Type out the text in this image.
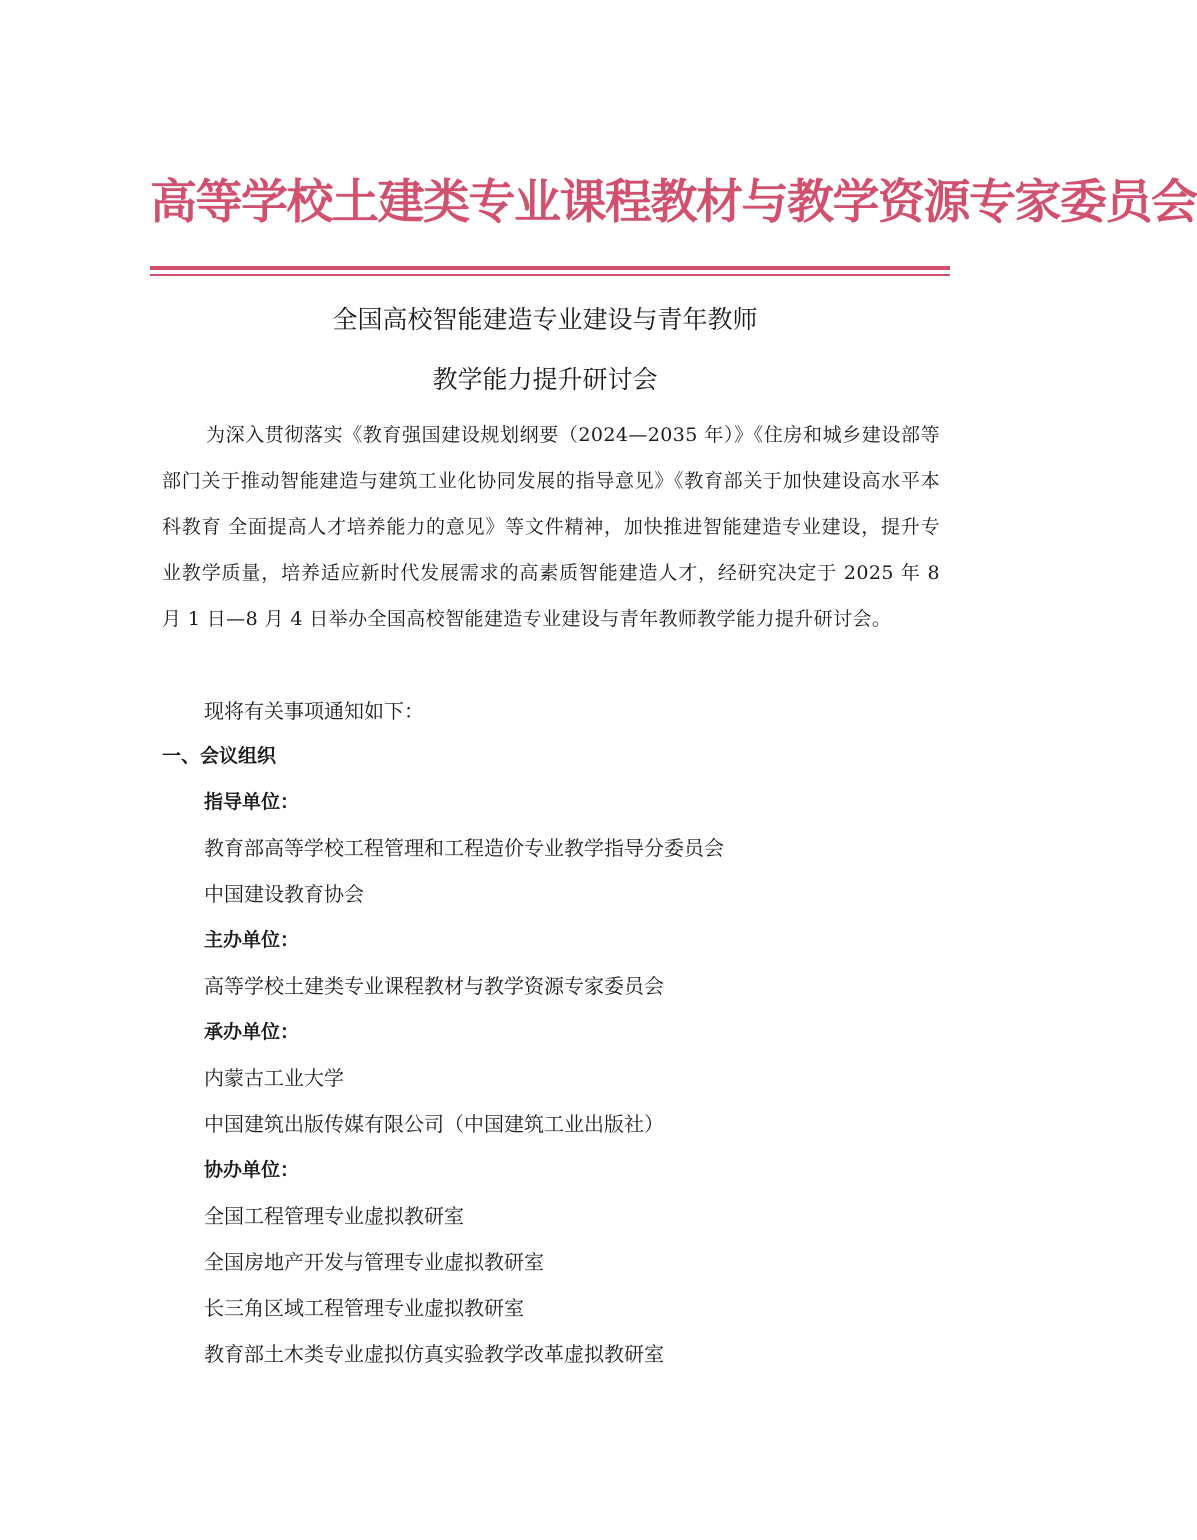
高等学校土建类专业课程教材与教学资源专家委员会
全国高校智能建造专业建设与青年教师
教学能力提升研讨会
为深入贯彻落实《教育强国建设规划纲要（2024—2035 年）》《住房和城乡建设部等部门关于推动智能建造与建筑工业化协同发展的指导意见》《教育部关于加快建设高水平本科教育 全面提高人才培养能力的意见》等文件精神，加快推进智能建造专业建设，提升专业教学质量，培养适应新时代发展需求的高素质智能建造人才，经研究决定于 2025 年 8 月 1 日—8 月 4 日举办全国高校智能建造专业建设与青年教师教学能力提升研讨会。
现将有关事项通知如下：
一、会议组织
指导单位：
教育部高等学校工程管理和工程造价专业教学指导分委员会
中国建设教育协会
主办单位：
高等学校土建类专业课程教材与教学资源专家委员会
承办单位：
内蒙古工业大学
中国建筑出版传媒有限公司（中国建筑工业出版社）
协办单位：
全国工程管理专业虚拟教研室
全国房地产开发与管理专业虚拟教研室
长三角区域工程管理专业虚拟教研室
教育部土木类专业虚拟仿真实验教学改革虚拟教研室
